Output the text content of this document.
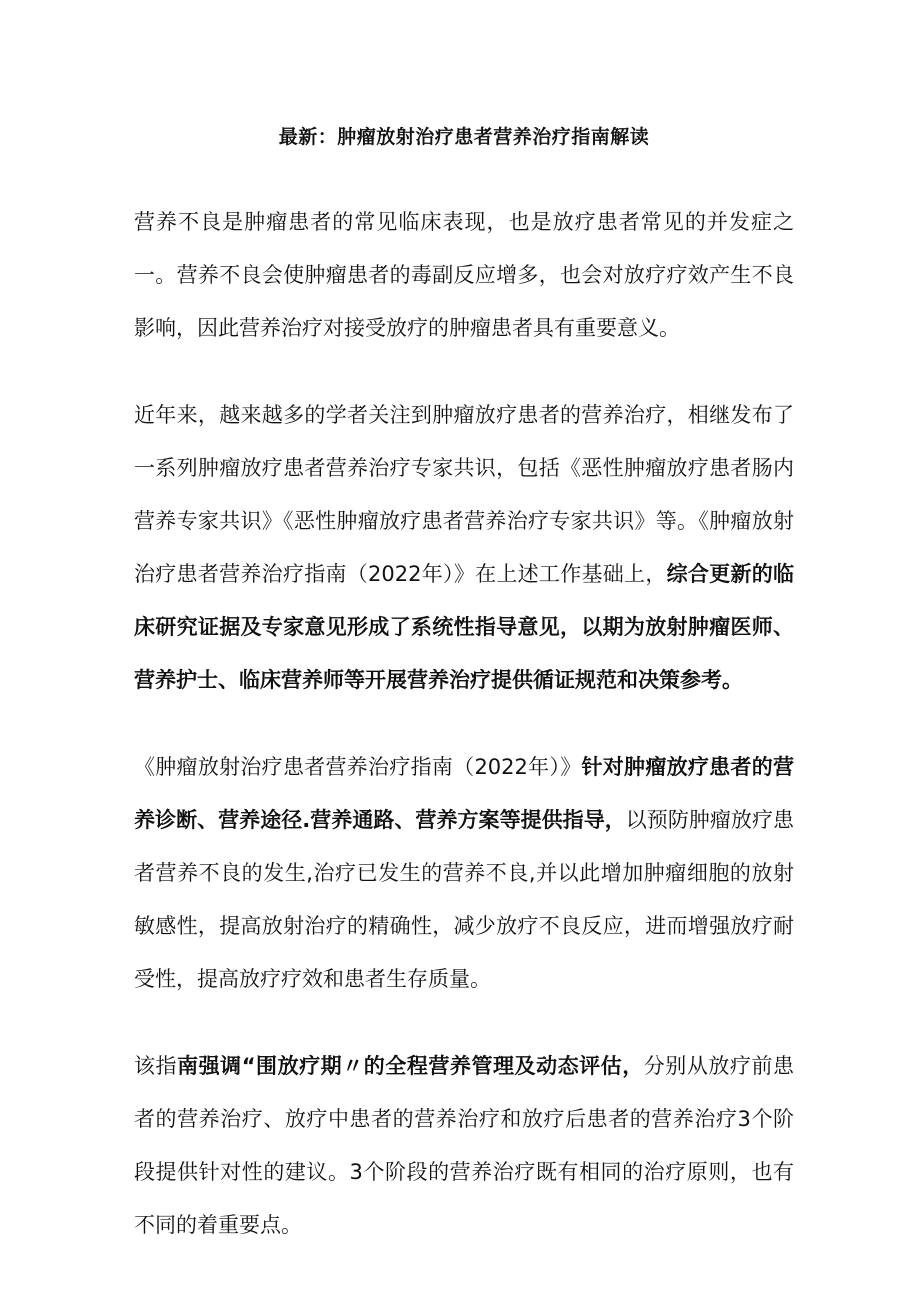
最新：肿瘤放射治疗患者营养治疗指南解读

营养不良是肿瘤患者的常见临床表现，也是放疗患者常见的并发症之一。营养不良会使肿瘤患者的毒副反应增多，也会对放疗疗效产生不良影响，因此营养治疗对接受放疗的肿瘤患者具有重要意义。

近年来，越来越多的学者关注到肿瘤放疗患者的营养治疗，相继发布了一系列肿瘤放疗患者营养治疗专家共识，包括《恶性肿瘤放疗患者肠内营养专家共识》《恶性肿瘤放疗患者营养治疗专家共识》等。《肿瘤放射治疗患者营养治疗指南（2022年）》在上述工作基础上，综合更新的临床研究证据及专家意见形成了系统性指导意见，以期为放射肿瘤医师、营养护士、临床营养师等开展营养治疗提供循证规范和决策参考。

《肿瘤放射治疗患者营养治疗指南（2022年）》针对肿瘤放疗患者的营养诊断、营养途径.营养通路、营养方案等提供指导，以预防肿瘤放疗患者营养不良的发生,治疗已发生的营养不良,并以此增加肿瘤细胞的放射敏感性，提高放射治疗的精确性，减少放疗不良反应，进而增强放疗耐受性，提高放疗疗效和患者生存质量。

该指南强调“围放疗期〃的全程营养管理及动态评估，分别从放疗前患者的营养治疗、放疗中患者的营养治疗和放疗后患者的营养治疗3个阶段提供针对性的建议。3个阶段的营养治疗既有相同的治疗原则，也有不同的着重要点。
